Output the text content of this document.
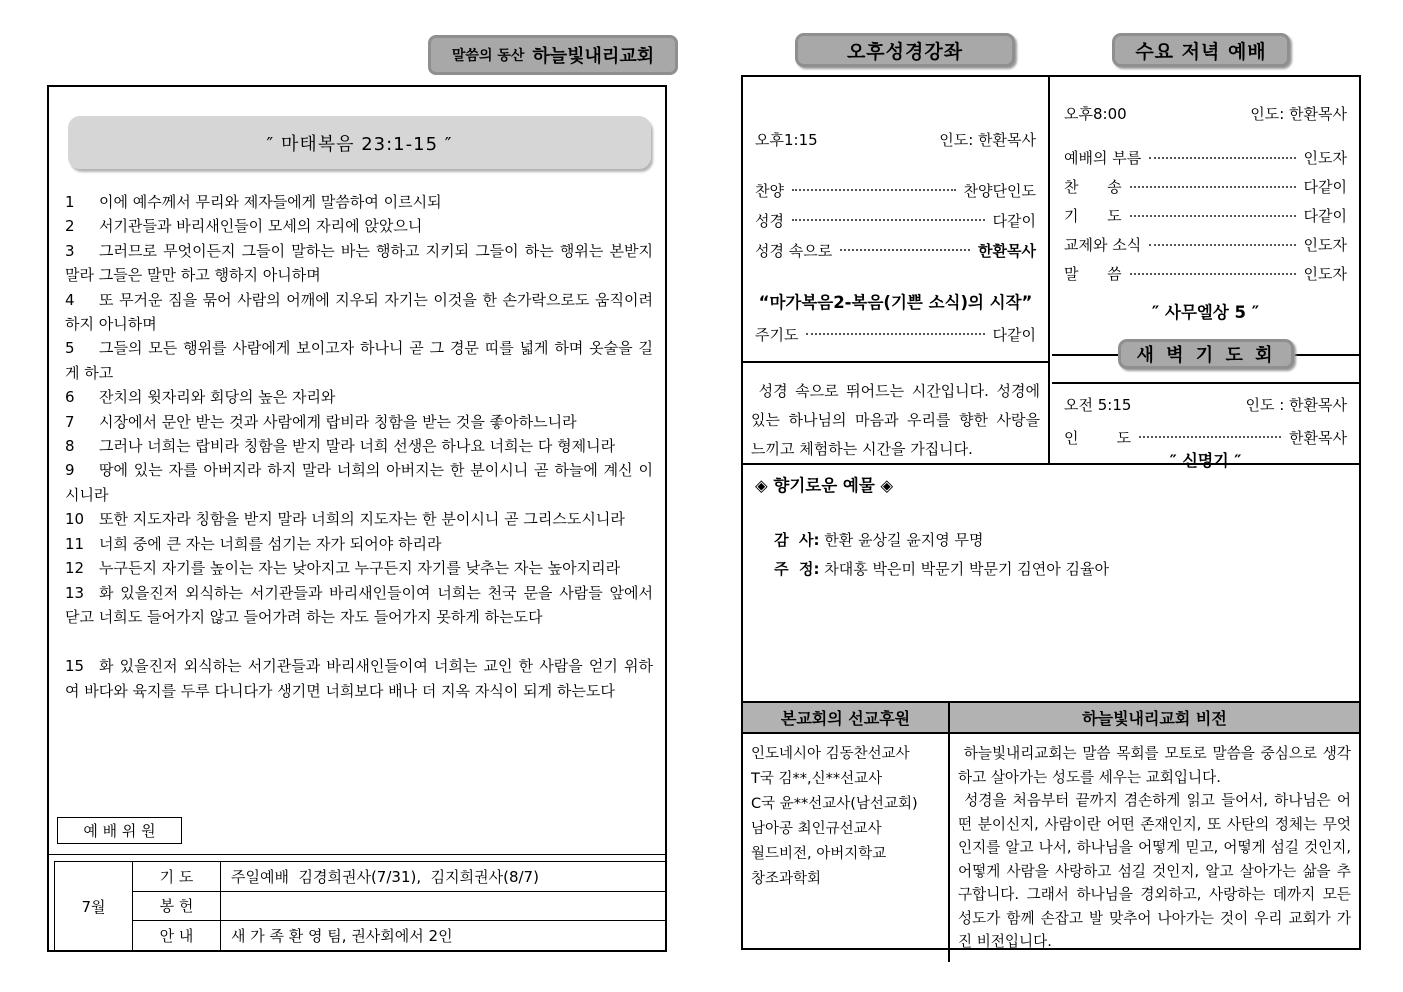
말씀의 동산 하늘빛내리교회
″ 마태복음 23:1-15 ″

1 이에 예수께서 무리와 제자들에게 말씀하여 이르시되

2 서기관들과 바리새인들이 모세의 자리에 앉았으니

3 그러므로 무엇이든지 그들이 말하는 바는 행하고 지키되 그들이 하는 행위는 본받지 말라 그들은 말만 하고 행하지 아니하며

4 또 무거운 짐을 묶어 사람의 어깨에 지우되 자기는 이것을 한 손가락으로도 움직이려 하지 아니하며

5 그들의 모든 행위를 사람에게 보이고자 하나니 곧 그 경문 띠를 넓게 하며 옷술을 길게 하고

6 잔치의 윗자리와 회당의 높은 자리와

7 시장에서 문안 받는 것과 사람에게 랍비라 칭함을 받는 것을 좋아하느니라

8 그러나 너희는 랍비라 칭함을 받지 말라 너희 선생은 하나요 너희는 다 형제니라

9 땅에 있는 자를 아버지라 하지 말라 너희의 아버지는 한 분이시니 곧 하늘에 계신 이시니라

10 또한 지도자라 칭함을 받지 말라 너희의 지도자는 한 분이시니 곧 그리스도시니라

11 너희 중에 큰 자는 너희를 섬기는 자가 되어야 하리라

12 누구든지 자기를 높이는 자는 낮아지고 누구든지 자기를 낮추는 자는 높아지리라

13 화 있을진저 외식하는 서기관들과 바리새인들이여 너희는 천국 문을 사람들 앞에서 닫고 너희도 들어가지 않고 들어가려 하는 자도 들어가지 못하게 하는도다

15 화 있을진저 외식하는 서기관들과 바리새인들이여 너희는 교인 한 사람을 얻기 위하여 바다와 육지를 두루 다니다가 생기면 너희보다 배나 더 지옥 자식이 되게 하는도다

예 배 위 원
7월	기 도	주일예배  김경희권사(7/31),  김지희권사(8/7)
	봉 헌	
	안 내	새 가 족 환 영 팀, 권사회에서 2인
오후성경강좌	수요 저녁 예배
오후1:15	인도: 한환목사
찬양	찬양단인도
성경	다같이
성경 속으로	한환목사
“마가복음2-복음(기쁜 소식)의 시작”
주기도	다같이
성경 속으로 뛰어드는 시간입니다. 성경에 있는 하나님의 마음과 우리를 향한 사랑을 느끼고 체험하는 시간을 가집니다.
오후8:00	인도: 한환목사
예배의 부름	인도자
찬      송	다같이
기      도	다같이
교제와 소식	인도자
말      씀	인도자
″ 사무엘상 5 ″
새 벽 기 도 회
오전 5:15	인도 : 한환목사
인        도	한환목사
″ 신명기 ″
◈ 향기로운 예물 ◈

감  사: 한환 윤상길 윤지영 무명

주  정: 차대홍 박은미 박문기 박문기 김연아 김율아

본교회의 선교후원	하늘빛내리교회 비전
인도네시아 김동찬선교사
T국 김**,신**선교사
C국 윤**선교사(남선교회)
남아공 최인규선교사
월드비전, 아버지학교
창조과학회

하늘빛내리교회는 말씀 목회를 모토로 말씀을 중심으로 생각하고 살아가는 성도를 세우는 교회입니다.

성경을 처음부터 끝까지 겸손하게 읽고 들어서, 하나님은 어떤 분이신지, 사람이란 어떤 존재인지, 또 사탄의 정체는 무엇인지를 알고 나서, 하나님을 어떻게 믿고, 어떻게 섬길 것인지, 어떻게 사람을 사랑하고 섬길 것인지, 알고 살아가는 삶을 추구합니다. 그래서 하나님을 경외하고, 사랑하는 데까지 모든 성도가 함께 손잡고 발 맞추어 나아가는 것이 우리 교회가 가진 비전입니다.
